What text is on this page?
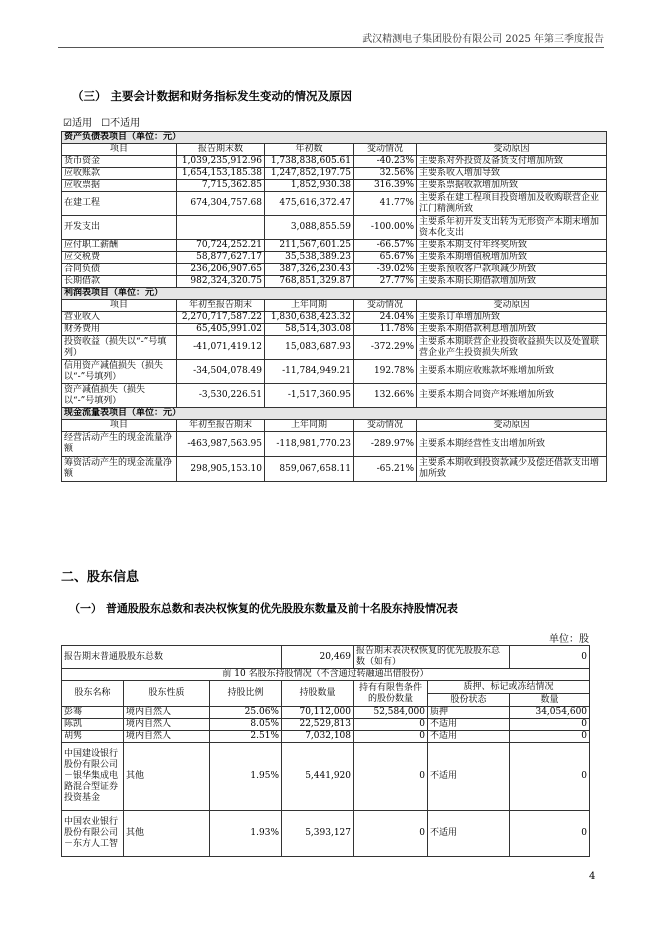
武汉精测电子集团股份有限公司 2025 年第三季度报告
（三） 主要会计数据和财务指标发生变动的情况及原因
☑适用 ☐不适用
资产负债表项目（单位：元）				
项目	报告期末数	年初数	变动情况	变动原因
货币资金	1,039,235,912.96	1,738,838,605.61	-40.23%	主要系对外投资及备货支付增加所致
应收账款	1,654,153,185.38	1,247,852,197.75	32.56%	主要系收入增加导致
应收票据	7,715,362.85	1,852,930.38	316.39%	主要系票据收款增加所致
在建工程	674,304,757.68	475,616,372.47	41.77%	主要系在建工程项目投资增加及收购联营企业江门精测所致
开发支出		3,088,855.59	-100.00%	主要系年初开发支出转为无形资产本期末增加资本化支出
应付职工薪酬	70,724,252.21	211,567,601.25	-66.57%	主要系本期支付年终奖所致
应交税费	58,877,627.17	35,538,389.23	65.67%	主要系本期增值税增加所致
合同负债	236,206,907.65	387,326,230.43	-39.02%	主要系预收客户款项减少所致
长期借款	982,324,320.75	768,851,329.87	27.77%	主要系本期长期借款增加所致
利润表项目（单位：元）				
项目	年初至报告期末	上年同期	变动情况	变动原因
营业收入	2,270,717,587.22	1,830,638,423.32	24.04%	主要系订单增加所致
财务费用	65,405,991.02	58,514,303.08	11.78%	主要系本期借款利息增加所致
投资收益（损失以“-”号填列）	-41,071,419.12	15,083,687.93	-372.29%	主要系本期联营企业投资收益损失以及处置联营企业产生投资损失所致
信用资产减值损失（损失以“-”号填列）	-34,504,078.49	-11,784,949.21	192.78%	主要系本期应收账款坏账增加所致
资产减值损失（损失以“-”号填列）	-3,530,226.51	-1,517,360.95	132.66%	主要系本期合同资产坏账增加所致
现金流量表项目（单位：元）				
项目	年初至报告期末	上年同期	变动情况	变动原因
经营活动产生的现金流量净额	-463,987,563.95	-118,981,770.23	-289.97%	主要系本期经营性支出增加所致
筹资活动产生的现金流量净额	298,905,153.10	859,067,658.11	-65.21%	主要系本期收到投资款减少及偿还借款支出增加所致
二、股东信息
（一） 普通股股东总数和表决权恢复的优先股股东数量及前十名股东持股情况表
单位：股
报告期末普通股股东总数			20,469	报告期末表决权恢复的优先股股东总数（如有）		0
前 10 名股东持股情况（不含通过转融通出借股份）						
股东名称	股东性质	持股比例	持股数量	持有有限售条件的股份数量	质押、标记或冻结情况	
					股份状态	数量
彭骞	境内自然人	25.06%	70,112,000	52,584,000	质押	34,054,600
陈凯	境内自然人	8.05%	22,529,813	0	不适用	0
胡隽	境内自然人	2.51%	7,032,108	0	不适用	0
中国建设银行股份有限公司－银华集成电路混合型证券投资基金	其他	1.95%	5,441,920	0	不适用	0
中国农业银行股份有限公司－东方人工智	其他	1.93%	5,393,127	0	不适用	0
4
